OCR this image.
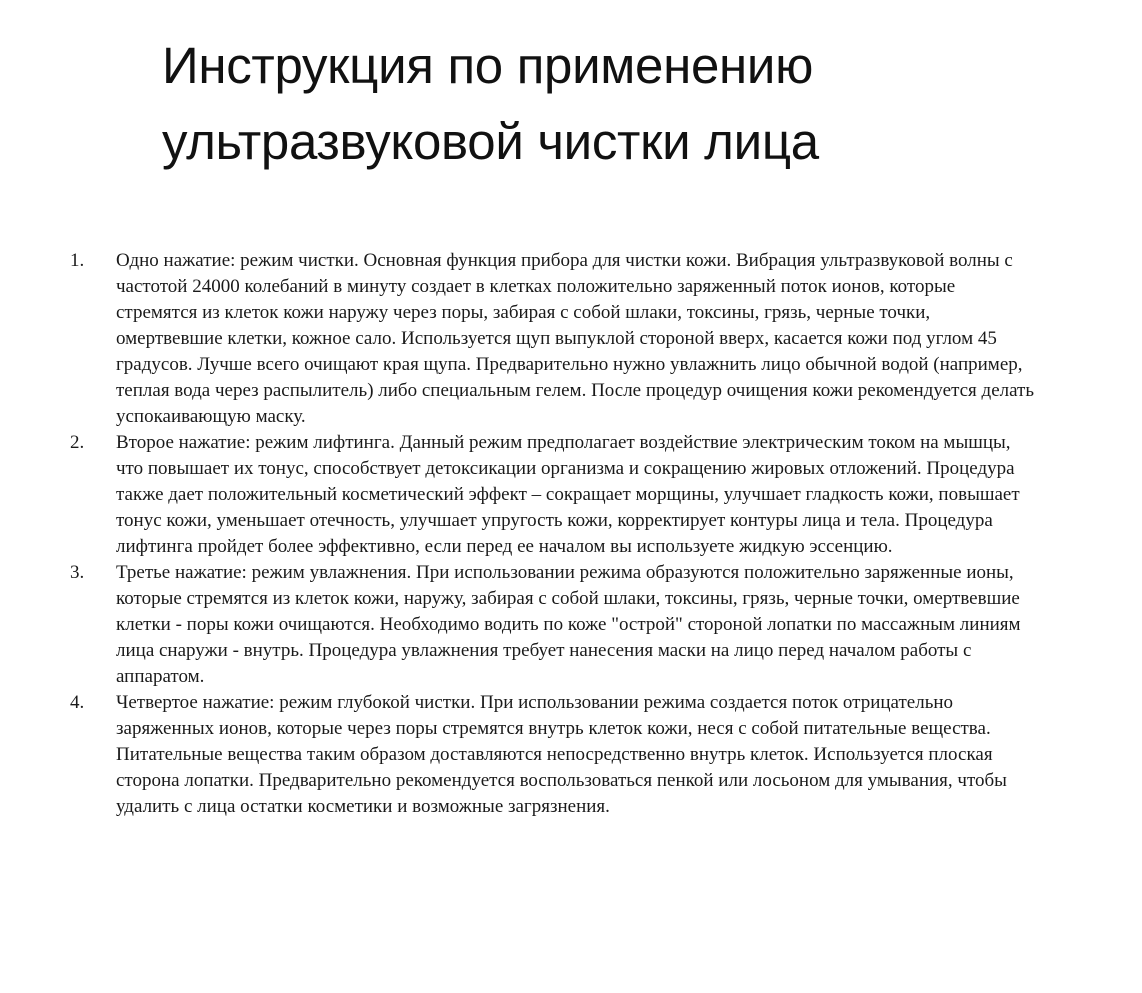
Инструкция по применению
ультразвуковой чистки лица
1.	Одно нажатие: режим чистки. Основная функция прибора для чистки кожи. Вибрация ультразвуковой волны с частотой 24000 колебаний в минуту создает в клетках положительно заряженный поток ионов, которые стремятся из клеток кожи наружу через поры, забирая с собой шлаки, токсины, грязь, черные точки, омертвевшие клетки, кожное сало. Используется щуп выпуклой стороной вверх, касается кожи под углом 45 градусов. Лучше всего очищают края щупа. Предварительно нужно увлажнить лицо обычной водой (например, теплая вода через распылитель) либо специальным гелем. После процедур очищения кожи рекомендуется делать успокаивающую маску.
2.	Второе нажатие: режим лифтинга. Данный режим предполагает воздействие электрическим током на мышцы, что повышает их тонус, способствует детоксикации организма и сокращению жировых отложений. Процедура также дает положительный косметический эффект – сокращает морщины, улучшает гладкость кожи, повышает тонус кожи, уменьшает отечность, улучшает упругость кожи, корректирует контуры лица и тела. Процедура лифтинга пройдет более эффективно, если перед ее началом вы используете жидкую эссенцию.
3.	Третье нажатие: режим увлажнения. При использовании режима образуются положительно заряженные ионы, которые стремятся из клеток кожи, наружу, забирая с собой шлаки, токсины, грязь, черные точки, омертвевшие клетки - поры кожи очищаются. Необходимо водить по коже "острой" стороной лопатки по массажным линиям лица снаружи - внутрь. Процедура увлажнения требует нанесения маски на лицо перед началом работы с аппаратом.
4.	Четвертое нажатие: режим глубокой чистки. При использовании режима создается поток отрицательно заряженных ионов, которые через поры стремятся внутрь клеток кожи, неся с собой питательные вещества. Питательные вещества таким образом доставляются непосредственно внутрь клеток. Используется плоская сторона лопатки. Предварительно рекомендуется воспользоваться пенкой или лосьоном для умывания, чтобы удалить с лица остатки косметики и возможные загрязнения.
